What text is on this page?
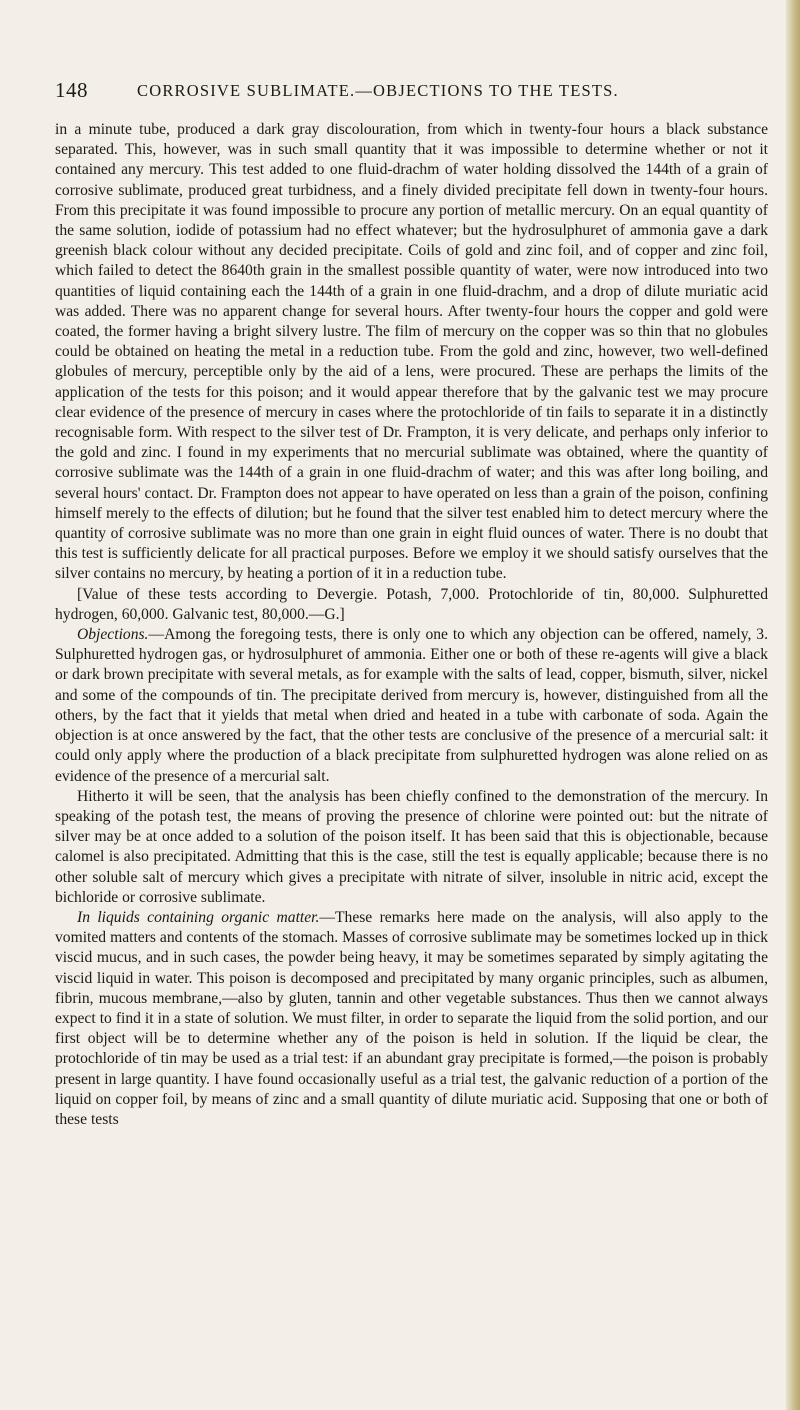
148	CORROSIVE SUBLIMATE.—OBJECTIONS TO THE TESTS.

in a minute tube, produced a dark gray discolouration, from which in twenty-four hours a black substance separated. This, however, was in such small quantity that it was impossible to determine whether or not it contained any mercury. This test added to one fluid-drachm of water holding dissolved the 144th of a grain of corrosive sublimate, produced great turbidness, and a finely divided precipitate fell down in twenty-four hours. From this precipitate it was found impossible to procure any portion of metallic mercury. On an equal quantity of the same solution, iodide of potassium had no effect whatever; but the hydrosulphuret of ammonia gave a dark greenish black colour without any decided precipitate. Coils of gold and zinc foil, and of copper and zinc foil, which failed to detect the 8640th grain in the smallest possible quantity of water, were now introduced into two quantities of liquid containing each the 144th of a grain in one fluid-drachm, and a drop of dilute muriatic acid was added. There was no apparent change for several hours. After twenty-four hours the copper and gold were coated, the former having a bright silvery lustre. The film of mercury on the copper was so thin that no globules could be obtained on heating the metal in a reduction tube. From the gold and zinc, however, two well-defined globules of mercury, perceptible only by the aid of a lens, were procured. These are perhaps the limits of the application of the tests for this poison; and it would appear therefore that by the galvanic test we may procure clear evidence of the presence of mercury in cases where the protochloride of tin fails to separate it in a distinctly recognisable form. With respect to the silver test of Dr. Frampton, it is very delicate, and perhaps only inferior to the gold and zinc. I found in my experiments that no mercurial sublimate was obtained, where the quantity of corrosive sublimate was the 144th of a grain in one fluid-drachm of water; and this was after long boiling, and several hours' contact. Dr. Frampton does not appear to have operated on less than a grain of the poison, confining himself merely to the effects of dilution; but he found that the silver test enabled him to detect mercury where the quantity of corrosive sublimate was no more than one grain in eight fluid ounces of water. There is no doubt that this test is sufficiently delicate for all practical purposes. Before we employ it we should satisfy ourselves that the silver contains no mercury, by heating a portion of it in a reduction tube.

[Value of these tests according to Devergie. Potash, 7,000. Protochloride of tin, 80,000. Sulphuretted hydrogen, 60,000. Galvanic test, 80,000.—G.]

Objections.—Among the foregoing tests, there is only one to which any objection can be offered, namely, 3. Sulphuretted hydrogen gas, or hydrosulphuret of ammonia. Either one or both of these re-agents will give a black or dark brown precipitate with several metals, as for example with the salts of lead, copper, bismuth, silver, nickel and some of the compounds of tin. The precipitate derived from mercury is, however, distinguished from all the others, by the fact that it yields that metal when dried and heated in a tube with carbonate of soda. Again the objection is at once answered by the fact, that the other tests are conclusive of the presence of a mercurial salt: it could only apply where the production of a black precipitate from sulphuretted hydrogen was alone relied on as evidence of the presence of a mercurial salt.

Hitherto it will be seen, that the analysis has been chiefly confined to the demonstration of the mercury. In speaking of the potash test, the means of proving the presence of chlorine were pointed out: but the nitrate of silver may be at once added to a solution of the poison itself. It has been said that this is objectionable, because calomel is also precipitated. Admitting that this is the case, still the test is equally applicable; because there is no other soluble salt of mercury which gives a precipitate with nitrate of silver, insoluble in nitric acid, except the bichloride or corrosive sublimate.

In liquids containing organic matter.—These remarks here made on the analysis, will also apply to the vomited matters and contents of the stomach. Masses of corrosive sublimate may be sometimes locked up in thick viscid mucus, and in such cases, the powder being heavy, it may be sometimes separated by simply agitating the viscid liquid in water. This poison is decomposed and precipitated by many organic principles, such as albumen, fibrin, mucous membrane,—also by gluten, tannin and other vegetable substances. Thus then we cannot always expect to find it in a state of solution. We must filter, in order to separate the liquid from the solid portion, and our first object will be to determine whether any of the poison is held in solution. If the liquid be clear, the protochloride of tin may be used as a trial test: if an abundant gray precipitate is formed,—the poison is probably present in large quantity. I have found occasionally useful as a trial test, the galvanic reduction of a portion of the liquid on copper foil, by means of zinc and a small quantity of dilute muriatic acid. Supposing that one or both of these tests
